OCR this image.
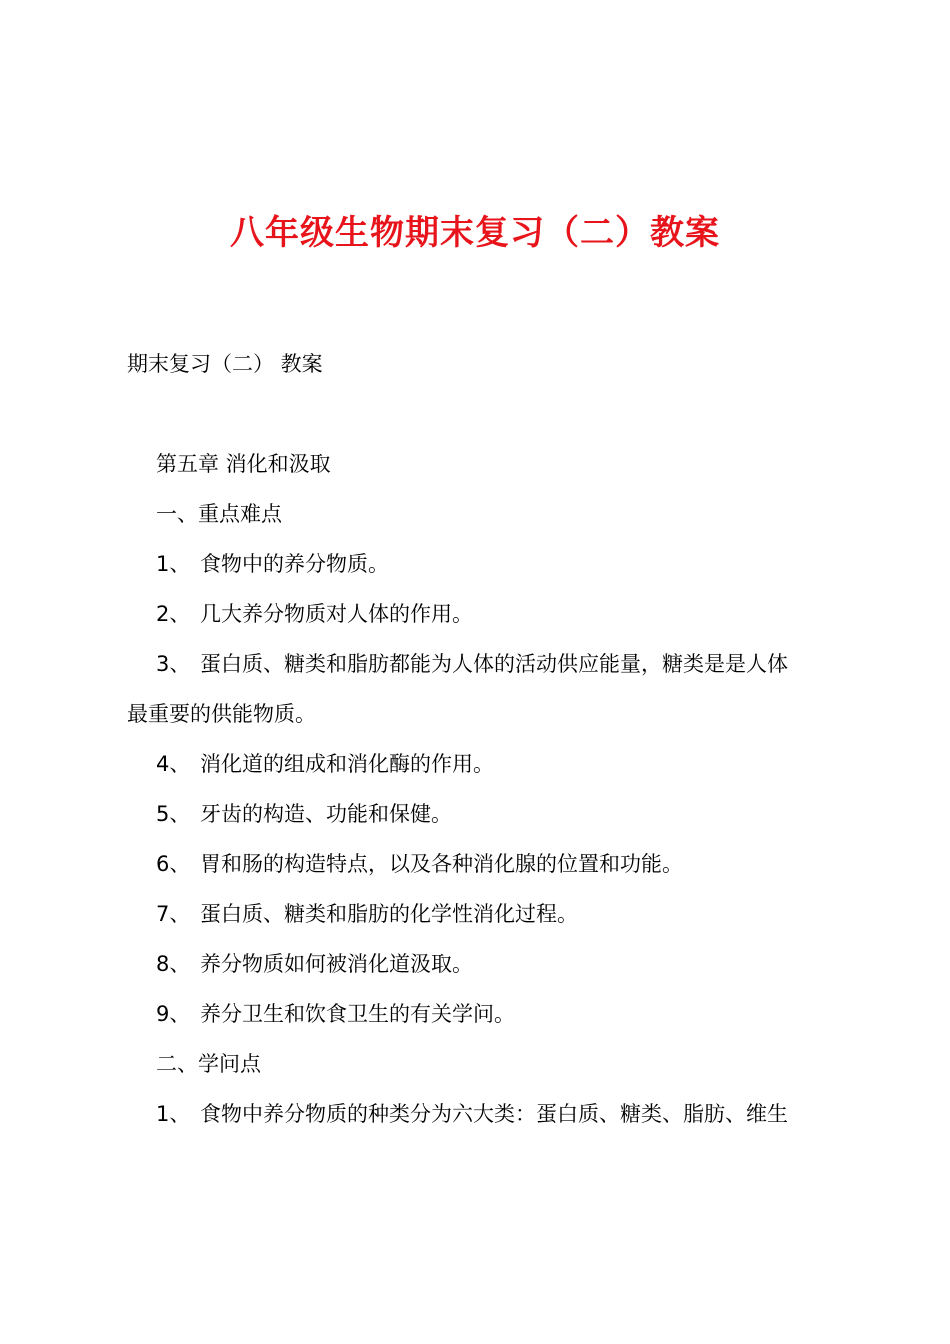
八年级生物期末复习（二）教案
期末复习（二） 教案
第五章 消化和汲取
一、重点难点
1、 食物中的养分物质。
2、 几大养分物质对人体的作用。
3、 蛋白质、糖类和脂肪都能为人体的活动供应能量，糖类是是人体
最重要的供能物质。
4、 消化道的组成和消化酶的作用。
5、 牙齿的构造、功能和保健。
6、 胃和肠的构造特点，以及各种消化腺的位置和功能。
7、 蛋白质、糖类和脂肪的化学性消化过程。
8、 养分物质如何被消化道汲取。
9、 养分卫生和饮食卫生的有关学问。
二、学问点
1、 食物中养分物质的种类分为六大类：蛋白质、糖类、脂肪、维生
